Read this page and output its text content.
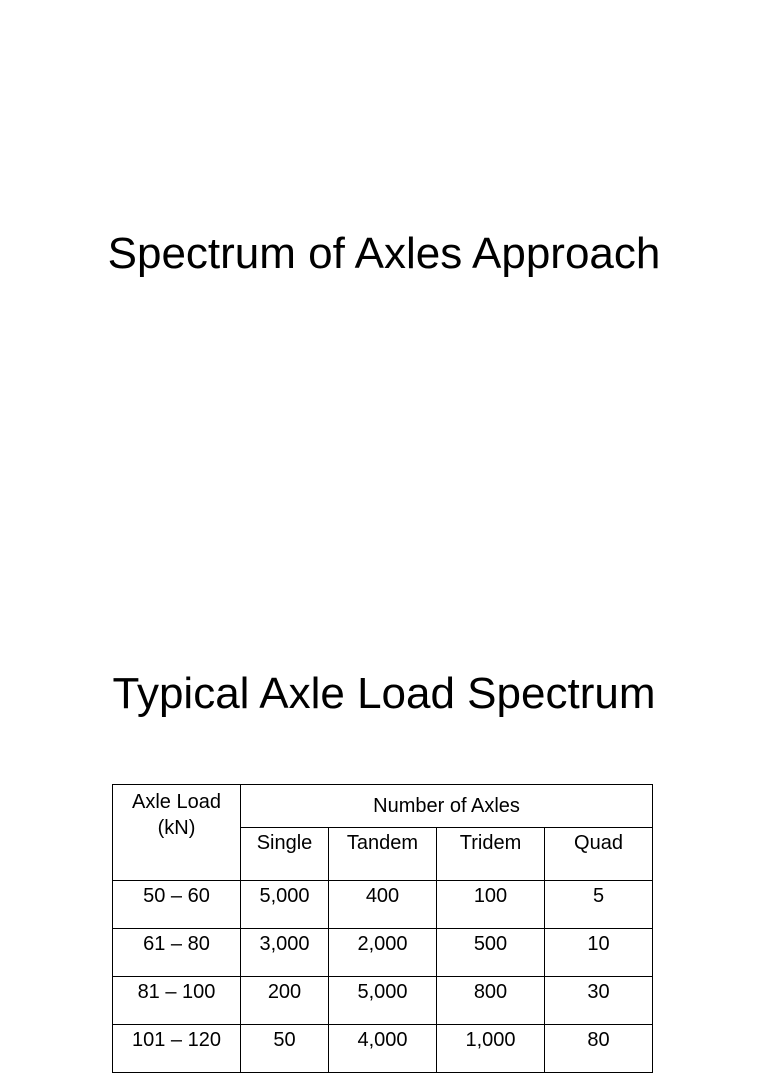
Spectrum of Axles Approach
Typical Axle Load Spectrum
Axle Load
(kN)	Number of Axles			
	Single	Tandem	Tridem	Quad
50 – 60	5,000	400	100	5
61 – 80	3,000	2,000	500	10
81 – 100	200	5,000	800	30
101 – 120	50	4,000	1,000	80
